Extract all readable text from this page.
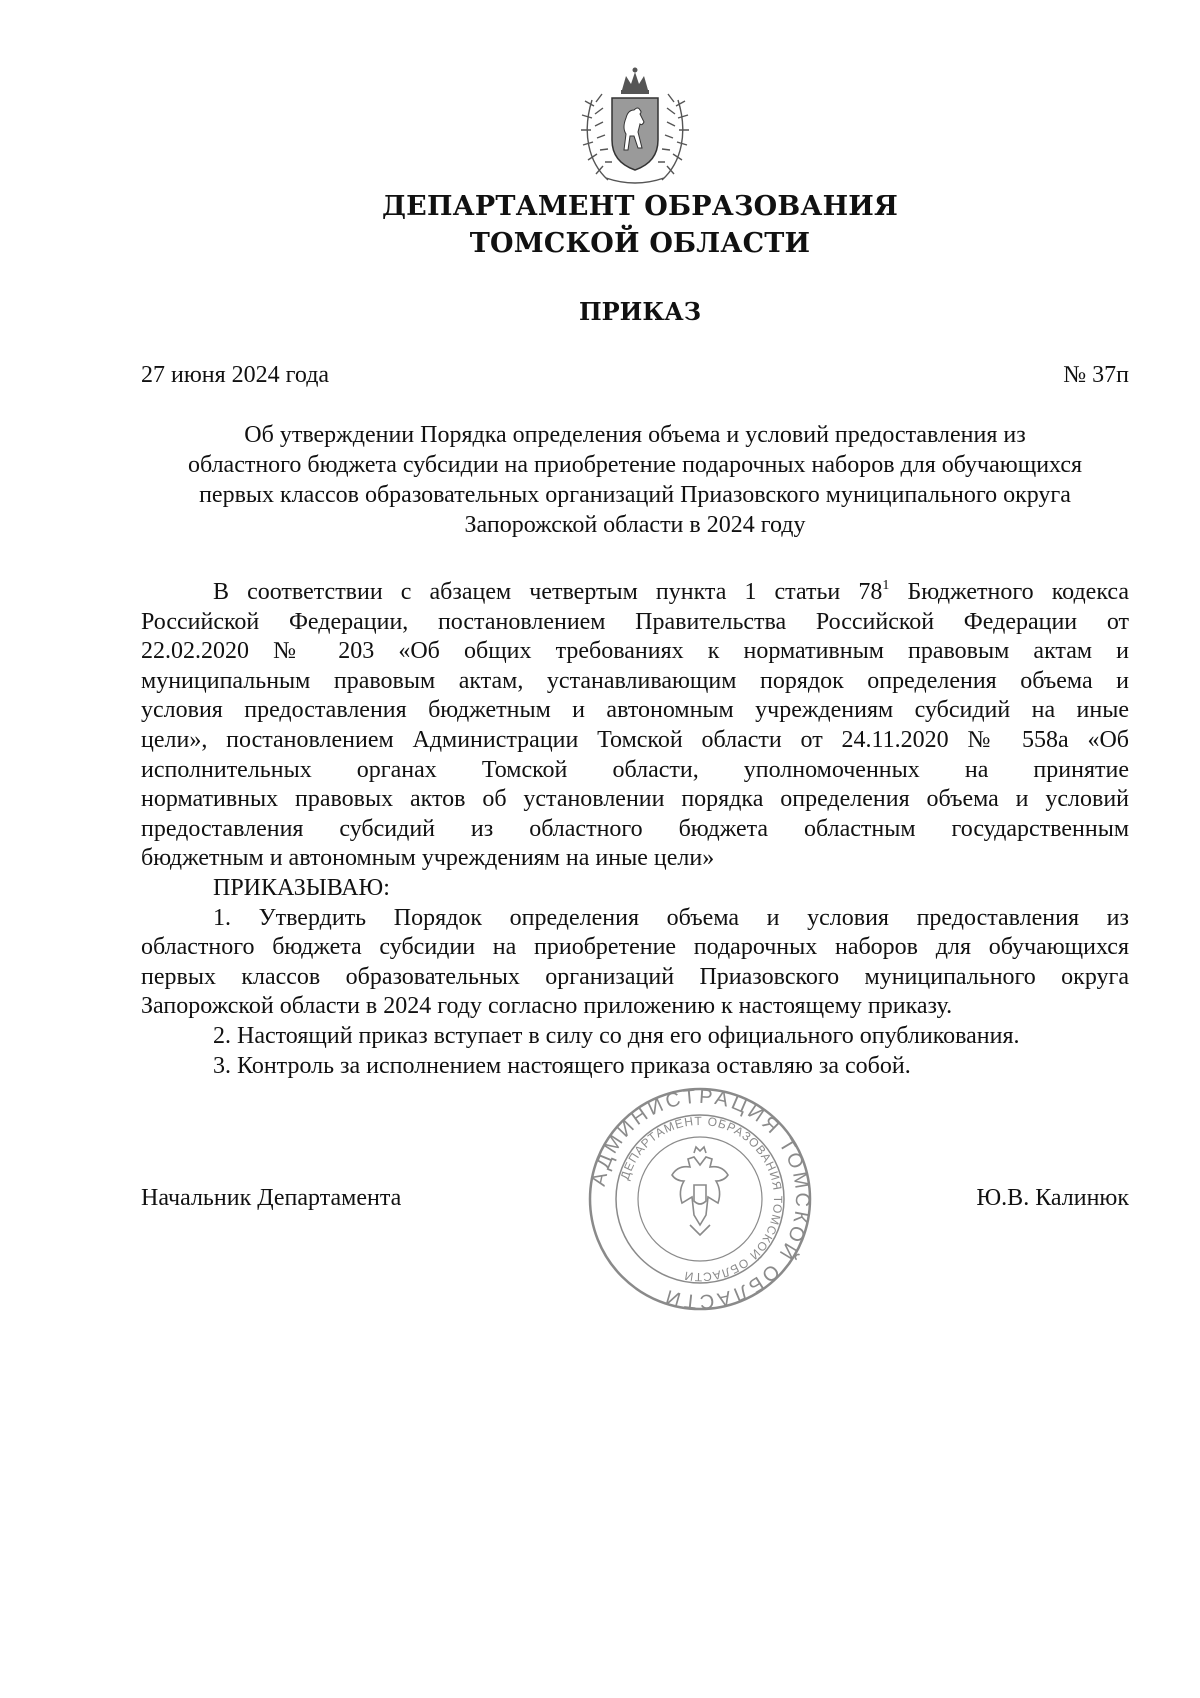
ДЕПАРТАМЕНТ ОБРАЗОВАНИЯ
ТОМСКОЙ ОБЛАСТИ
ПРИКАЗ
27 июня 2024 года	№ 37п
Об утверждении Порядка определения объема и условий предоставления из
областного бюджета субсидии на приобретение подарочных наборов для обучающихся
первых классов образовательных организаций Приазовского муниципального округа
Запорожской области в 2024 году
В соответствии с абзацем четвертым пункта 1 статьи $78^1$ Бюджетного кодекса
Российской Федерации, постановлением Правительства Российской Федерации от
22.02.2020 № 203 «Об общих требованиях к нормативным правовым актам и
муниципальным правовым актам, устанавливающим порядок определения объема и
условия предоставления бюджетным и автономным учреждениям субсидий на иные
цели», постановлением Администрации Томской области от 24.11.2020 № 558а «Об
исполнительных органах Томской области, уполномоченных на принятие
нормативных правовых актов об установлении порядка определения объема и условий
предоставления субсидий из областного бюджета областным государственным
бюджетным и автономным учреждениям на иные цели»
ПРИКАЗЫВАЮ:
1. Утвердить Порядок определения объема и условия предоставления из
областного бюджета субсидии на приобретение подарочных наборов для обучающихся
первых классов образовательных организаций Приазовского муниципального округа
Запорожской области в 2024 году согласно приложению к настоящему приказу.
2. Настоящий приказ вступает в силу со дня его официального опубликования.
3. Контроль за исполнением настоящего приказа оставляю за собой.
АДМИНИСТРАЦИЯ ТОМСКОЙ ОБЛАСТИ
ДЕПАРТАМЕНТ ОБРАЗОВАНИЯ ТОМСКОЙ ОБЛАСТИ
Начальник Департамента	Ю.В. Калинюк
